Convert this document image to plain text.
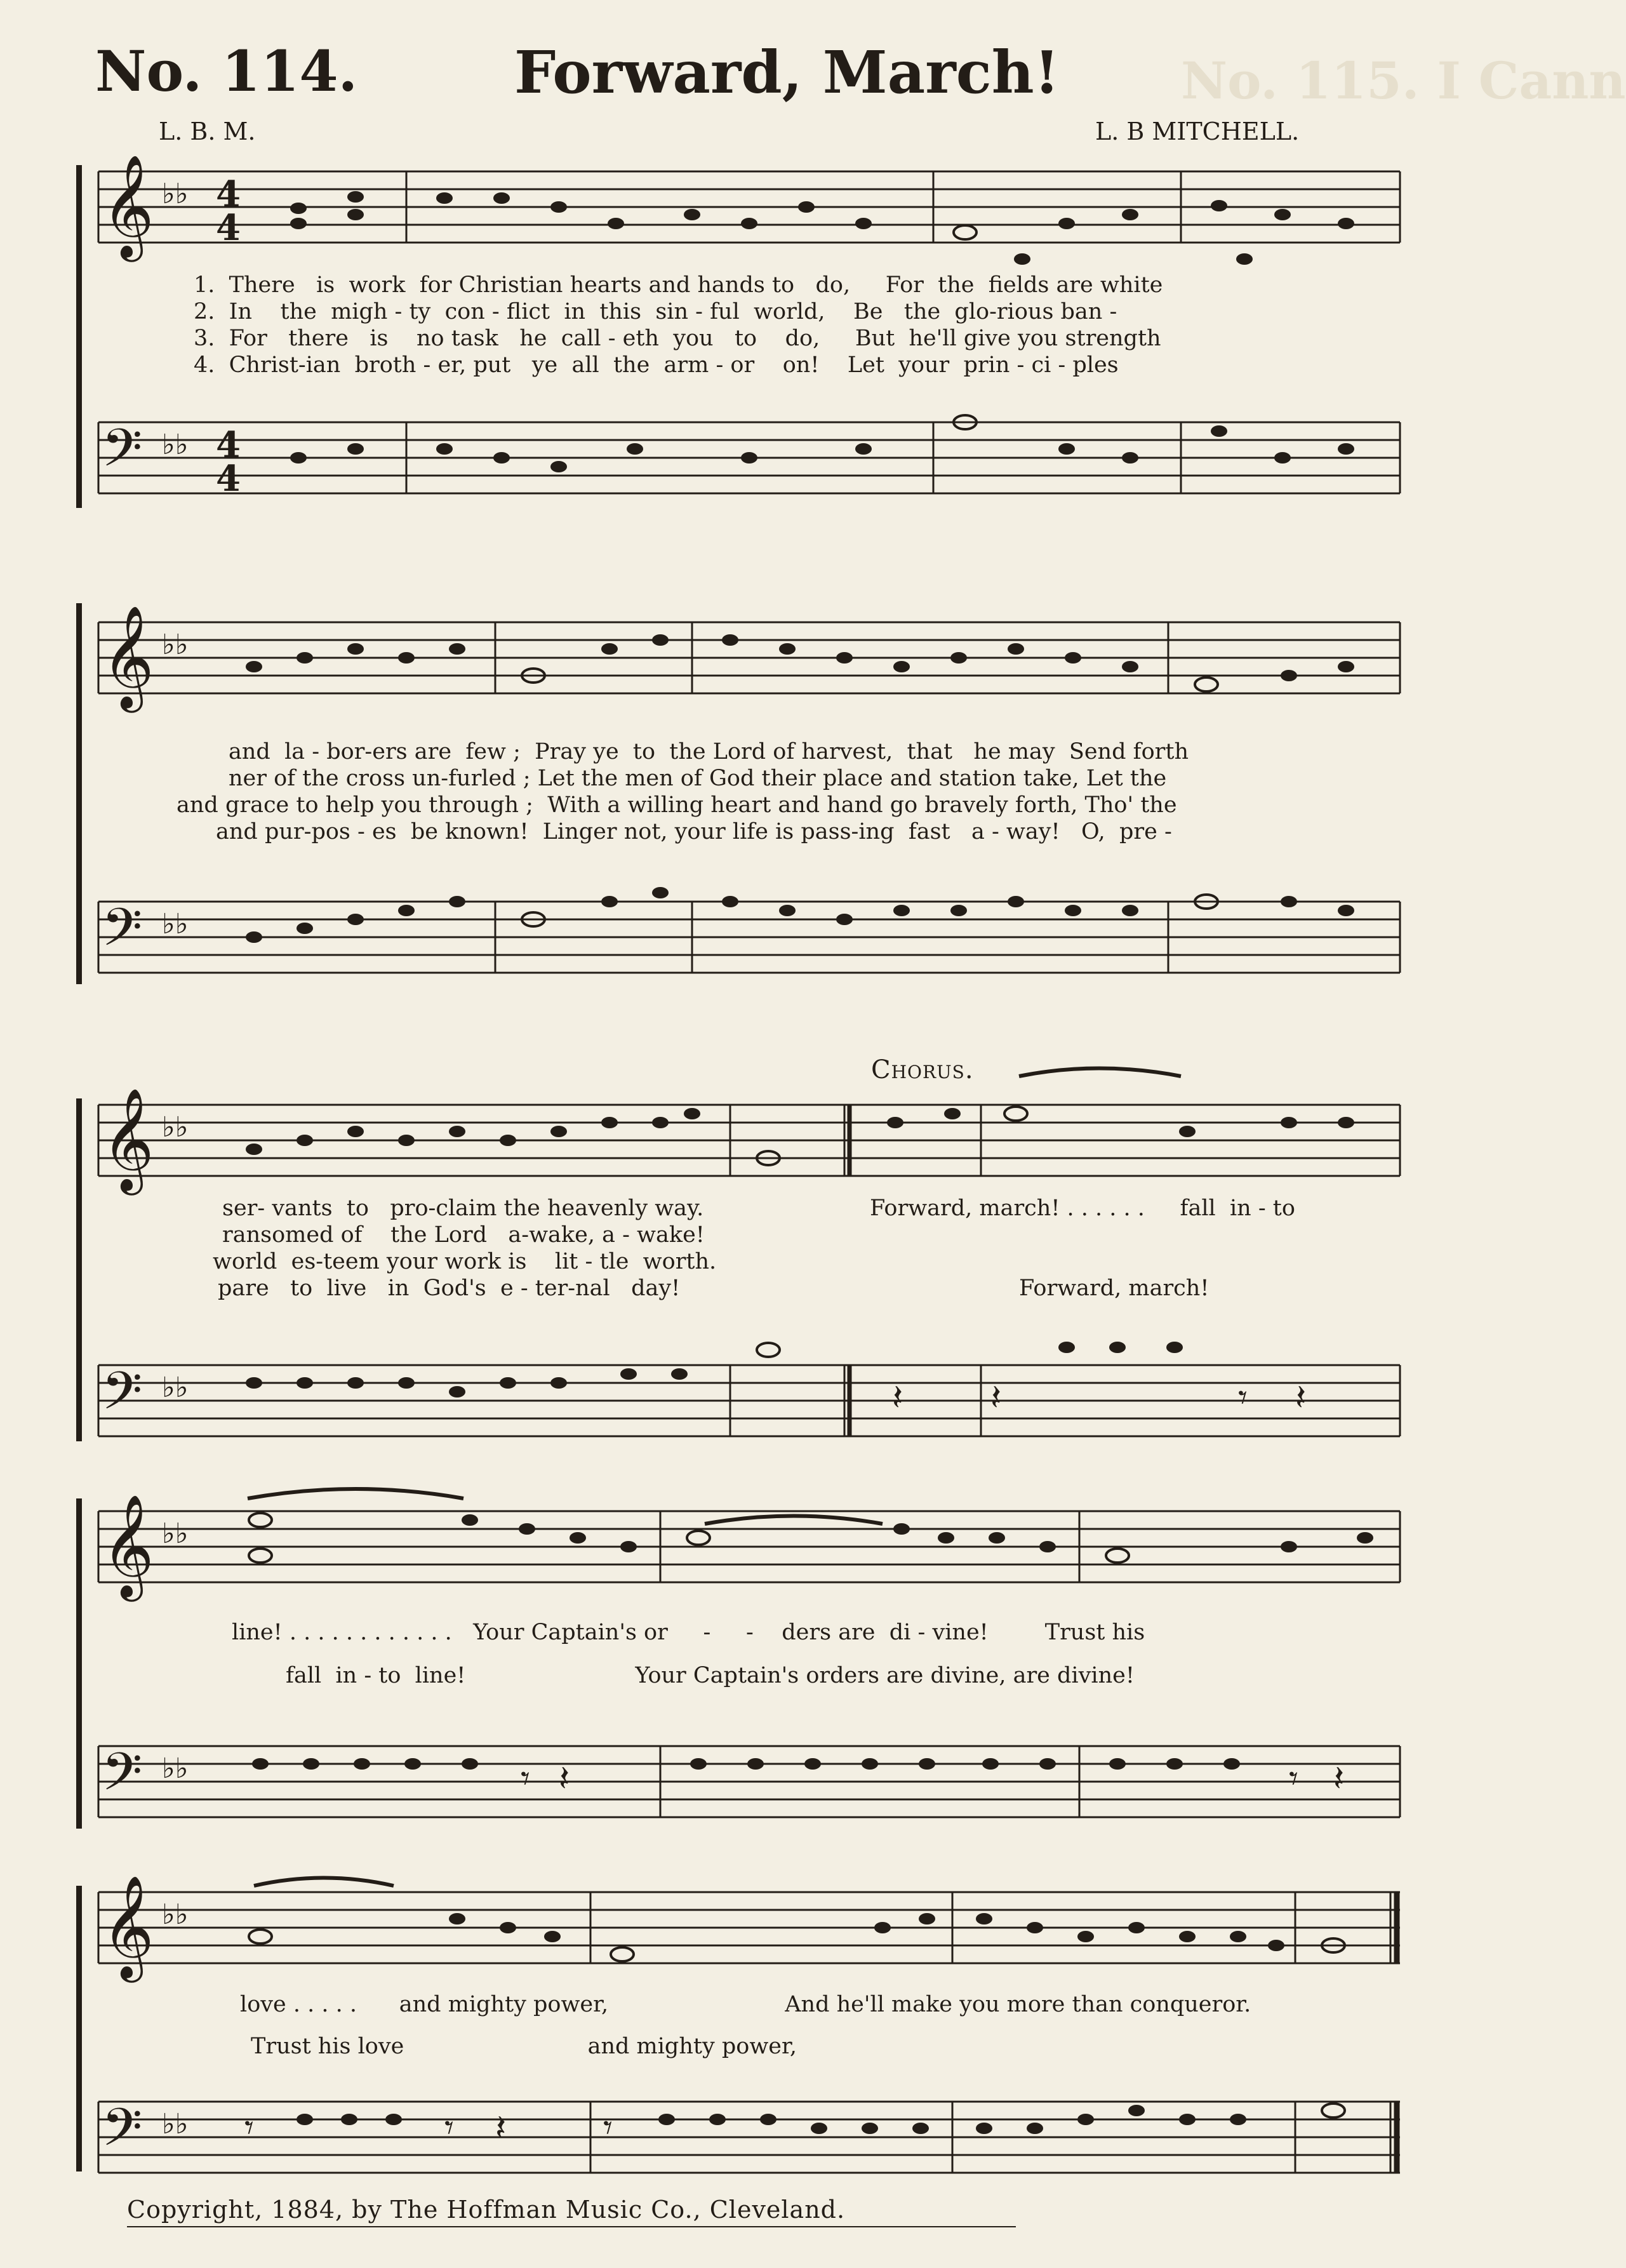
No. 114.	Forward, March! No. 115. I Cann
L. B. M.	L. B MITCHELL.
𝄞
𝄢
♭♭
♭♭
4
4
4
4
1.  There   is  work  for Christian hearts and hands to   do,     For  the  fields are white
2.  In    the  migh - ty  con - flict  in  this  sin - ful  world,    Be   the  glo-rious ban -
3.  For   there   is    no task   he  call - eth  you   to    do,     But  he'll give you strength
4.  Christ-ian  broth - er, put   ye  all  the  arm - or    on!    Let  your  prin - ci - ples
𝄞
𝄢
♭♭
♭♭
and  la - bor-ers are  few ;  Pray ye  to  the Lord of harvest,  that   he may  Send forth
ner of the cross un-furled ; Let the men of God their place and station take, Let the
and grace to help you through ;  With a willing heart and hand go bravely forth, Tho' the
and pur-pos - es  be known!  Linger not, your life is pass-ing  fast   a - way!   O,  pre -
𝄞
𝄢
♭♭
♭♭	𝄽 𝄽	𝄾 𝄽
Chorus.
ser- vants  to   pro-claim the heavenly way.
ransomed of    the Lord   a-wake, a - wake!
world  es-teem your work is    lit - tle  worth.
pare   to  live   in  God's  e - ter-nal   day!
Forward, march! . . . . . .     fall  in - to
Forward, march!
𝄞
𝄢
♭♭
♭♭	𝄾 𝄽	𝄾 𝄽
line! . . . . . . . . . . . .   Your Captain's or     -     -    ders are  di - vine!        Trust his
fall  in - to  line!                        Your Captain's orders are divine, are divine!
𝄞
𝄢
♭♭
♭♭ 𝄾	𝄾 𝄽	𝄾
love . . . . .      and mighty power,                         And he'll make you more than conqueror.
Trust his love                          and mighty power,
Copyright, 1884, by The Hoffman Music Co., Cleveland.
